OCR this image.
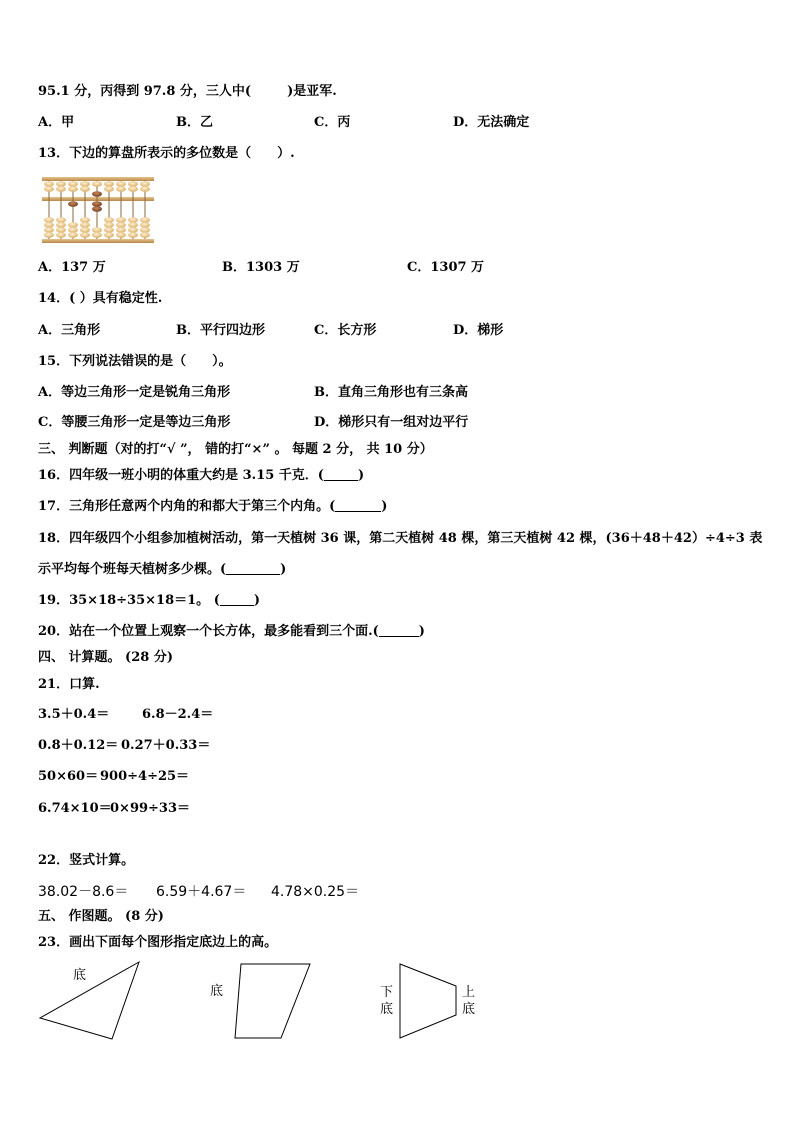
95.1 分，丙得到 97.8 分，三人中(	)是亚军.
A．甲	B．乙	C．丙	D．无法确定
13．下边的算盘所表示的多位数是（　　）.
A．137 万	B．1303 万	C．1307 万
14．( ）具有稳定性.
A．三角形	B．平行四边形	C．长方形	D．梯形
15．下列说法错误的是（　　）。
A．等边三角形一定是锐角三角形	B．直角三角形也有三条高
C．等腰三角形一定是等边三角形	D．梯形只有一组对边平行
三、 判断题（对的打“√ ”， 错的打“×” 。 每题 2 分， 共 10 分）
16．四年级一班小明的体重大约是 3.15 千克．(	)
17．三角形任意两个内角的和都大于第三个内角。(	)
18．四年级四个小组参加植树活动，第一天植树 36 课，第二天植树 48 棵，第三天植树 42 棵，(36＋48＋42）÷4÷3 表
示平均每个班每天植树多少棵。(	)
19．35×18÷35×18＝1。 (	)
20．站在一个位置上观察一个长方体，最多能看到三个面.(	)
四、 计算题。 (28 分)
21．口算.
3.5＋0.4＝	6.8－2.4＝
0.8＋0.12＝ 0.27＋0.33＝
50×60＝ 900÷4÷25＝
6.74×10＝
0×99÷33＝
22．竖式计算。
38.02－8.6＝ 6.59＋4.67＝ 4.78×0.25＝
五、 作图题。 (8 分)
23．画出下面每个图形指定底边上的高。
底
底	下
底
上
底
